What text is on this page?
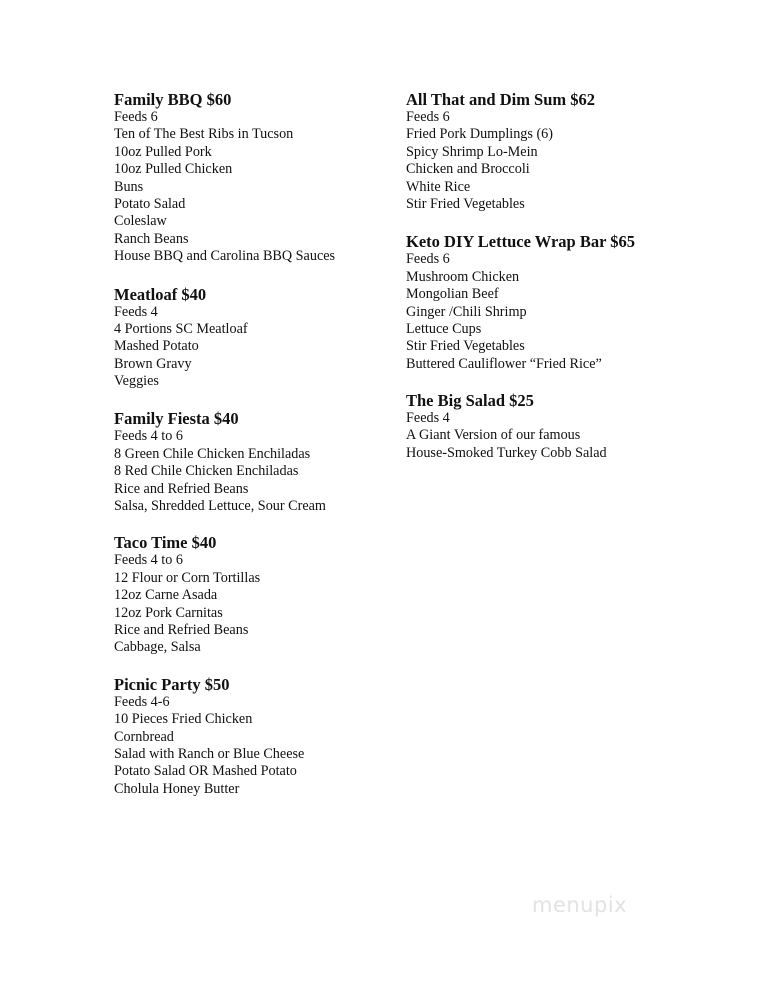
Family BBQ $60
Feeds 6
Ten of The Best Ribs in Tucson
10oz Pulled Pork
10oz Pulled Chicken
Buns
Potato Salad
Coleslaw
Ranch Beans
House BBQ and Carolina BBQ Sauces
Meatloaf $40
Feeds 4
4 Portions SC Meatloaf
Mashed Potato
Brown Gravy
Veggies
Family Fiesta $40
Feeds 4 to 6
8 Green Chile Chicken Enchiladas
8 Red Chile Chicken Enchiladas
Rice and Refried Beans
Salsa, Shredded Lettuce, Sour Cream
Taco Time $40
Feeds 4 to 6
12 Flour or Corn Tortillas
12oz Carne Asada
12oz Pork Carnitas
Rice and Refried Beans
Cabbage, Salsa
Picnic Party $50
Feeds 4-6
10 Pieces Fried Chicken
Cornbread
Salad with Ranch or Blue Cheese
Potato Salad OR Mashed Potato
Cholula Honey Butter
All That and Dim Sum $62
Feeds 6
Fried Pork Dumplings (6)
Spicy Shrimp Lo-Mein
Chicken and Broccoli
White Rice
Stir Fried Vegetables
Keto DIY Lettuce Wrap Bar $65
Feeds 6
Mushroom Chicken
Mongolian Beef
Ginger /Chili Shrimp
Lettuce Cups
Stir Fried Vegetables
Buttered Cauliflower “Fried Rice”
The Big Salad $25
Feeds 4
A Giant Version of our famous
House-Smoked Turkey Cobb Salad
menupix
